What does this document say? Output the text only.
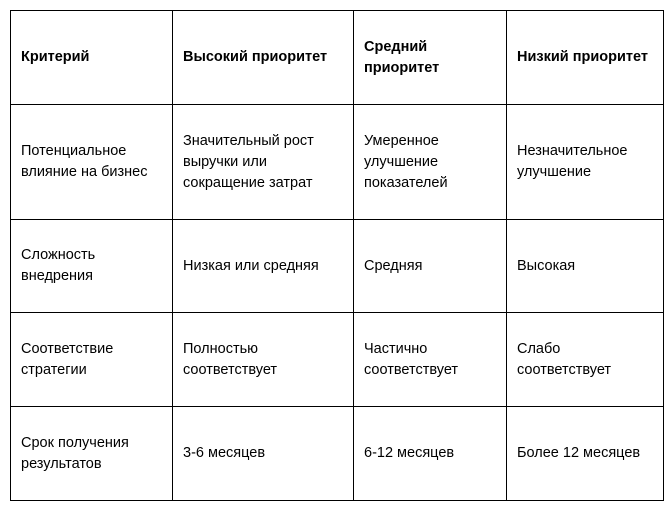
Критерий	Высокий приоритет	Средний приоритет	Низкий приоритет
Потенциальное влияние на бизнес	Значительный рост выручки или сокращение затрат	Умеренное улучшение показателей	Незначительное улучшение
Сложность внедрения	Низкая или средняя	Средняя	Высокая
Соответствие стратегии	Полностью соответствует	Частично соответствует	Слабо соответствует
Срок получения результатов	3-6 месяцев	6-12 месяцев	Более 12 месяцев
